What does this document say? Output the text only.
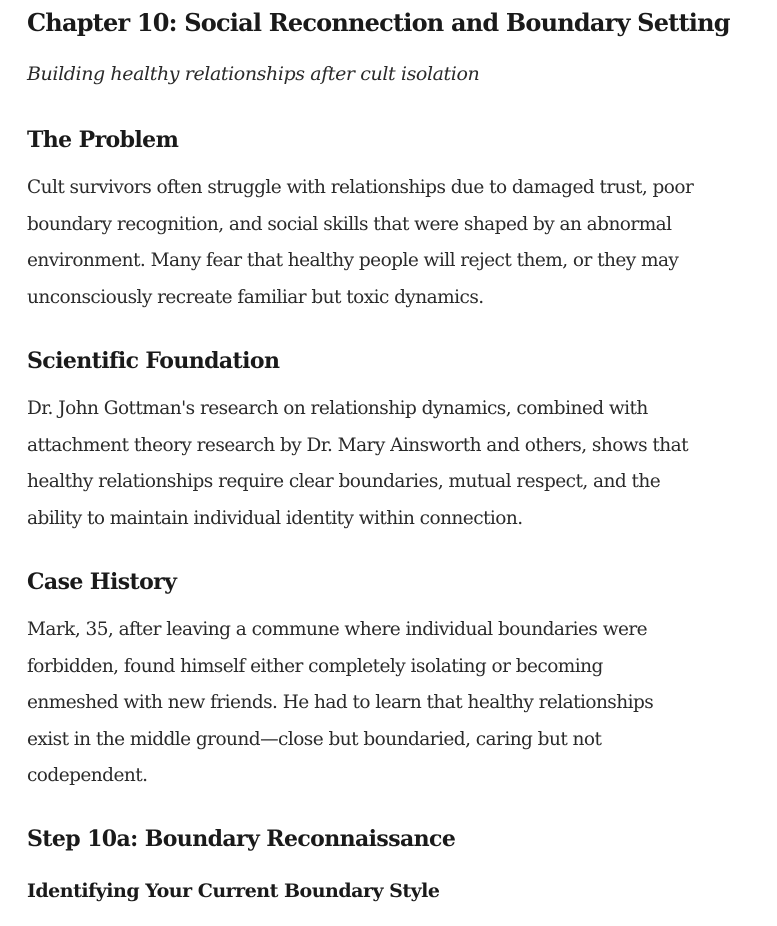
Chapter 10: Social Reconnection and Boundary Setting

Building healthy relationships after cult isolation

The Problem
Cult survivors often struggle with relationships due to damaged trust, poor
boundary recognition, and social skills that were shaped by an abnormal
environment. Many fear that healthy people will reject them, or they may
unconsciously recreate familiar but toxic dynamics.
Scientific Foundation
Dr. John Gottman's research on relationship dynamics, combined with
attachment theory research by Dr. Mary Ainsworth and others, shows that
healthy relationships require clear boundaries, mutual respect, and the
ability to maintain individual identity within connection.
Case History
Mark, 35, after leaving a commune where individual boundaries were
forbidden, found himself either completely isolating or becoming
enmeshed with new friends. He had to learn that healthy relationships
exist in the middle ground—close but boundaried, caring but not
codependent.
Step 10a: Boundary Reconnaissance
Identifying Your Current Boundary Style
